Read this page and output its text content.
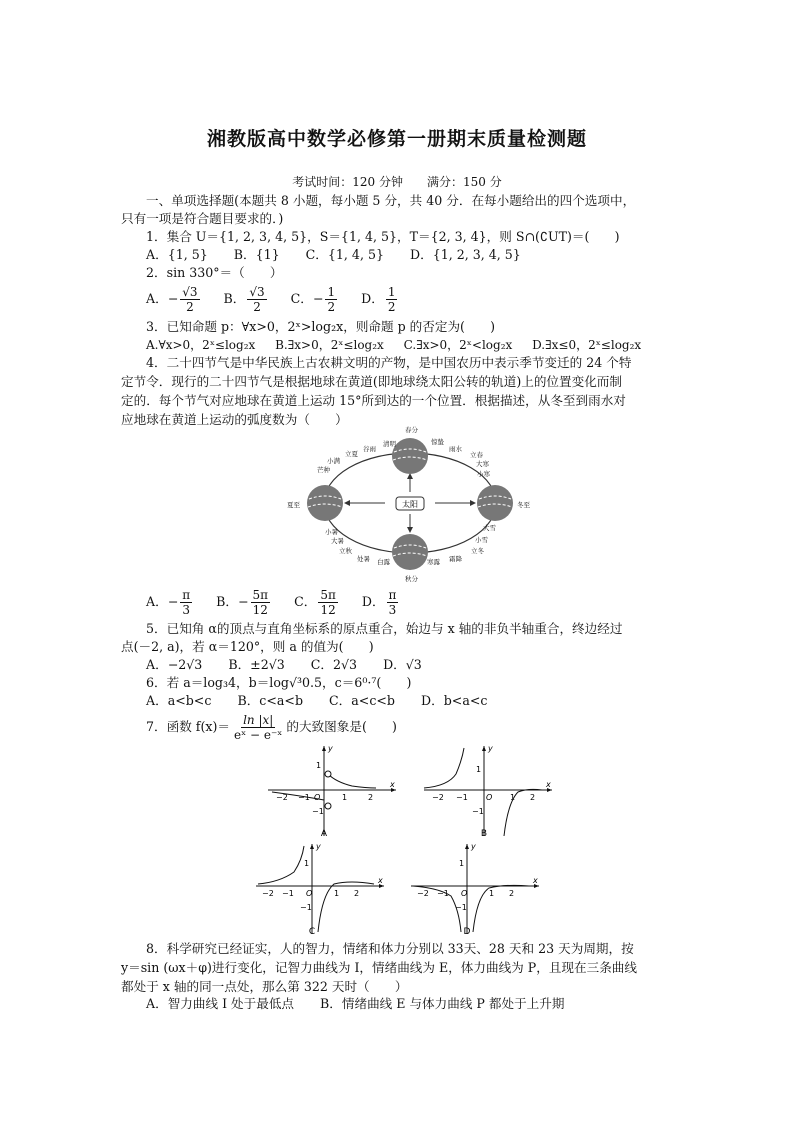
湘教版高中数学必修第一册期末质量检测题
考试时间：120 分钟　　满分：150 分
一、单项选择题(本题共 8 小题，每小题 5 分，共 40 分．在每小题给出的四个选项中，
只有一项是符合题目要求的．)
1．集合 U＝{1, 2, 3, 4, 5}，S＝{1, 4, 5}，T＝{2, 3, 4}，则 S∩(∁UT)＝(　　)
A．{1, 5} B．{1} C．{1, 4, 5} D．{1, 2, 3, 4, 5}
2．sin 330°＝（　　）
A．− $\frac{√3}{2}$ B． $\frac{√3}{2}$ C．− $\frac{1}{2}$ D． $\frac{1}{2}$
3．已知命题 p：∀x>0，2ˣ>log₂x，则命题 p 的否定为(　　)
A.∀x>0，2ˣ≤log₂x B.∃x>0，2ˣ≤log₂x C.∃x>0，2ˣ<log₂x D.∃x≤0，2ˣ≤log₂x
4．二十四节气是中华民族上古农耕文明的产物，是中国农历中表示季节变迁的 24 个特
定节令．现行的二十四节气是根据地球在黄道(即地球绕太阳公转的轨道)上的位置变化而制
定的．每个节气对应地球在黄道上运动 15°所到达的一个位置．根据描述，从冬至到雨水对
应地球在黄道上运动的弧度数为（　　）
太阳
春分
惊蛰
雨水
立春
大寒
小寒
冬至
大雪
小雪
立冬
霜降
寒露
秋分
白露
处暑
立秋
大暑
小暑
夏至
芒种
小满
立夏
谷雨
清明
A．− $\frac{\pi}{3}$ B．− $\frac{5\pi}{12}$ C． $\frac{5\pi}{12}$ D． $\frac{\pi}{3}$
5．已知角 α的顶点与直角坐标系的原点重合，始边与 x 轴的非负半轴重合，终边经过
点(－2, a)，若 α＝120°，则 a 的值为(　　)
A．−2√3 B．±2√3 C．2√3 D．√3
6．若 a＝log₃4，b＝log√³0.5，c＝6⁰·⁷(　　)
A．a<b<c B．c<a<b C．a<c<b D．b<a<c
7．函数 $f(x)= \frac{\ln |x|}{\text{eˣ − e⁻ˣ}}$ 的大致图象是(　　)
x
y
O
−2 −1	1	2
1
−1
A
x
y
O
−2 −1	1 2
1
−1
B
x
y
O
−2 −1	1 2
1
−1
C
x
y
O
−2 −1	1 2
1
−1
D
8．科学研究已经证实，人的智力，情绪和体力分别以 33天、28 天和 23 天为周期，按
y＝sin (ωx＋φ)进行变化，记智力曲线为 I，情绪曲线为 E，体力曲线为 P，且现在三条曲线
都处于 x 轴的同一点处，那么第 322 天时（　　）
A．智力曲线 I 处于最低点 B．情绪曲线 E 与体力曲线 P 都处于上升期
